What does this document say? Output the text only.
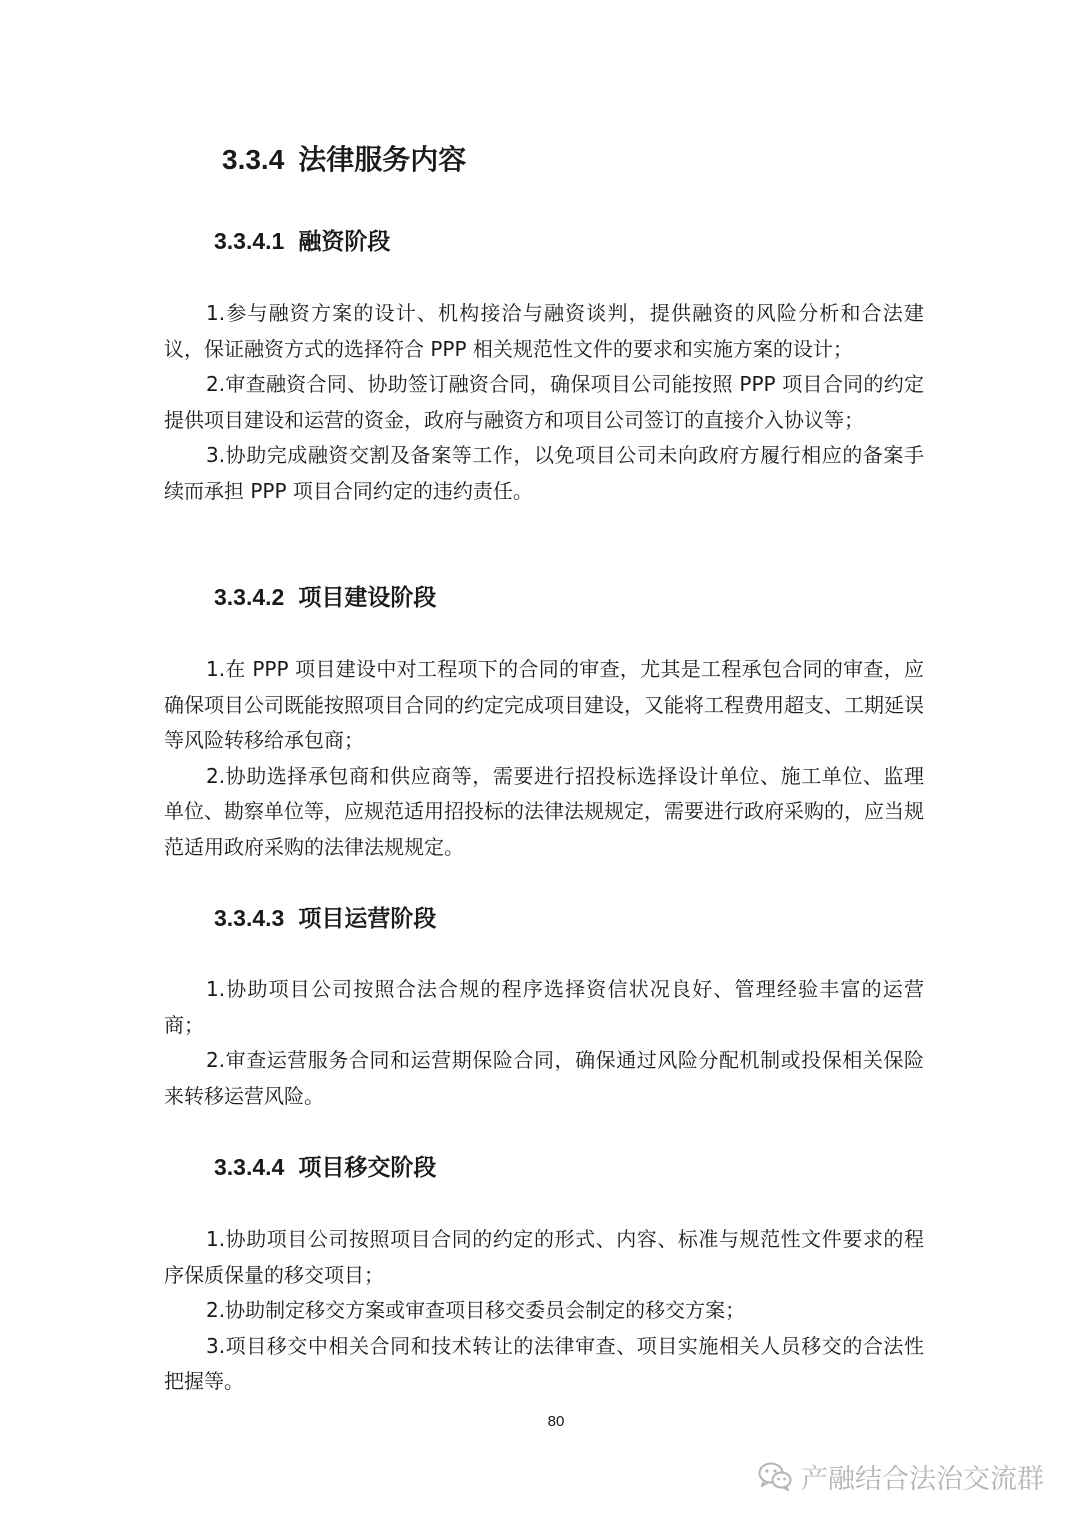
3.3.4 法律服务内容
3.3.4.1 融资阶段

1.参与融资方案的设计、机构接洽与融资谈判，提供融资的风险分析和合法建议，保证融资方式的选择符合 PPP 相关规范性文件的要求和实施方案的设计；

2.审查融资合同、协助签订融资合同，确保项目公司能按照 PPP 项目合同的约定提供项目建设和运营的资金，政府与融资方和项目公司签订的直接介入协议等；

3.协助完成融资交割及备案等工作，以免项目公司未向政府方履行相应的备案手续而承担 PPP 项目合同约定的违约责任。

3.3.4.2 项目建设阶段

1.在 PPP 项目建设中对工程项下的合同的审查，尤其是工程承包合同的审查，应确保项目公司既能按照项目合同的约定完成项目建设，又能将工程费用超支、工期延误等风险转移给承包商；

2.协助选择承包商和供应商等，需要进行招投标选择设计单位、施工单位、监理单位、勘察单位等，应规范适用招投标的法律法规规定，需要进行政府采购的，应当规范适用政府采购的法律法规规定。

3.3.4.3 项目运营阶段

1.协助项目公司按照合法合规的程序选择资信状况良好、管理经验丰富的运营商；

2.审查运营服务合同和运营期保险合同，确保通过风险分配机制或投保相关保险来转移运营风险。

3.3.4.4 项目移交阶段

1.协助项目公司按照项目合同的约定的形式、内容、标准与规范性文件要求的程序保质保量的移交项目；

2.协助制定移交方案或审查项目移交委员会制定的移交方案；

3.项目移交中相关合同和技术转让的法律审查、项目实施相关人员移交的合法性把握等。

80
产融结合法治交流群
